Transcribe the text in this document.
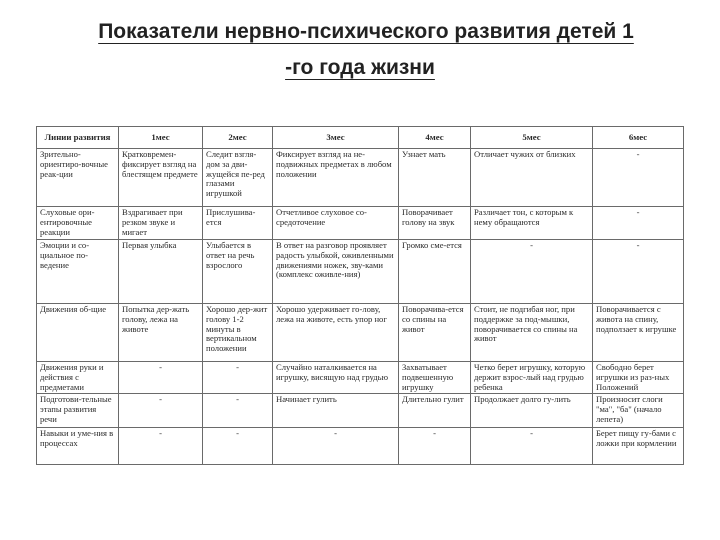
Показатели нервно-психического развития детей 1
-го года жизни
Линии развития	1мес	2мес	3мес	4мес	5мес	6мес
Зрительно-ориентиро-вочные реак-ции	Кратковремен-фиксирует взгляд на блестящем предмете	Следит взгля-дом за дви-жущейся пе-ред глазами игрушкой	Фиксирует взгляд на не-подвижных предметах в любом положении	Узнает мать	Отличает чужих от близких	-
Слуховые ори-ентировочные реакции	Вздрагивает при резком звуке и мигает	Прислушива-ется	Отчетливое слуховое со-средоточение	Поворачивает голову на звук	Различает тон, с которым к нему обращаются	-
Эмоции и со-циальное по-ведение	Первая улыбка	Улыбается в ответ на речь взрослого	В ответ на разговор проявляет радость улыбкой, оживленными движениями ножек, зву-ками (комплекс оживле-ния)	Громко сме-ется	-	-
Движения об-щие	Попытка дер-жать голову, лежа на животе	Хорошо дер-жит голову 1-2 минуты в вертикальном положении	Хорошо удерживает го-лову, лежа на животе, есть упор ног	Поворачива-ется со спины на живот	Стоит, не подгибая ног, при поддержке за под-мышки, поворачивается со спины на живот	Поворачивается с живота на спину, подползает к игрушке
Движения руки и действия с предметами	-	-	Случайно наталкивается на игрушку, висящую над грудью	Захватывает подвешенную игрушку	Четко берет игрушку, которую держит взрос-лый над грудью ребенка	Свободно берет игрушки из раз-ных Положений
Подготови-тельные этапы развития речи	-	-	Начинает гулить	Длительно гулит	Продолжает долго гу-лить	Произносит слоги "ма", "ба" (начало лепета)
Навыки и уме-ния в процессах	-	-	-	-	-	Берет пищу гу-бами с ложки при кормлении
